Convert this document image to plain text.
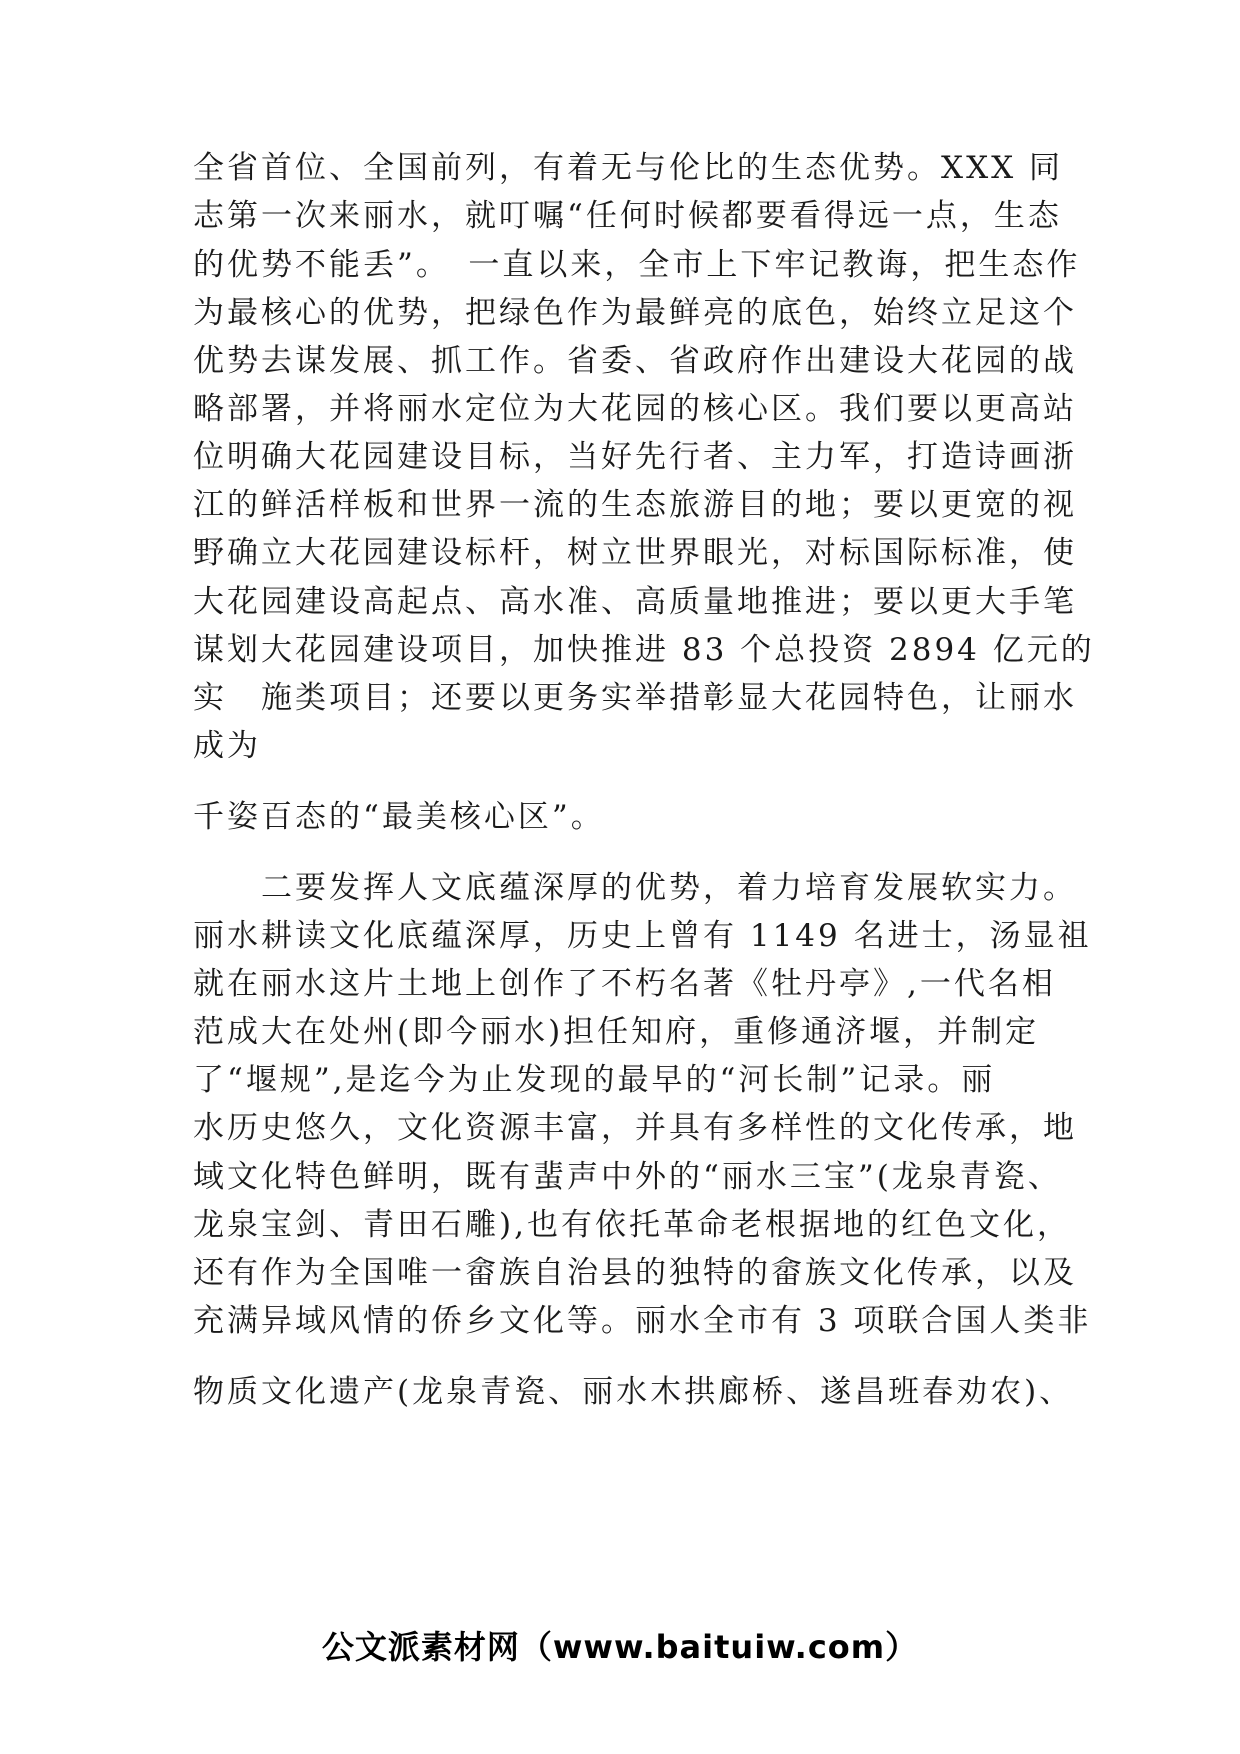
全省首位、全国前列，有着无与伦比的生态优势。XXX 同
志第一次来丽水，就叮嘱“任何时候都要看得远一点，生态
的优势不能丢”。　一直以来，全市上下牢记教诲，把生态作
为最核心的优势，把绿色作为最鲜亮的底色，始终立足这个
优势去谋发展、抓工作。省委、省政府作出建设大花园的战
略部署，并将丽水定位为大花园的核心区。我们要以更高站
位明确大花园建设目标，当好先行者、主力军，打造诗画浙
江的鲜活样板和世界一流的生态旅游目的地；要以更宽的视
野确立大花园建设标杆，树立世界眼光，对标国际标准，使
大花园建设高起点、高水准、高质量地推进；要以更大手笔
谋划大花园建设项目，加快推进 83 个总投资 2894 亿元的
实　施类项目；还要以更务实举措彰显大花园特色，让丽水
成为
千姿百态的“最美核心区”。
　　二要发挥人文底蕴深厚的优势，着力培育发展软实力。
丽水耕读文化底蕴深厚，历史上曾有 1149 名进士，汤显祖
就在丽水这片土地上创作了不朽名著《牡丹亭》,一代名相
范成大在处州(即今丽水)担任知府，重修通济堰，并制定
了“堰规”,是迄今为止发现的最早的“河长制”记录。丽
水历史悠久，文化资源丰富，并具有多样性的文化传承，地
域文化特色鲜明，既有蜚声中外的“丽水三宝”(龙泉青瓷、
龙泉宝剑、青田石雕),也有依托革命老根据地的红色文化，
还有作为全国唯一畲族自治县的独特的畲族文化传承，以及
充满异域风情的侨乡文化等。丽水全市有 3 项联合国人类非
物质文化遗产(龙泉青瓷、丽水木拱廊桥、遂昌班春劝农)、
公文派素材网（www.baituiw.com）
